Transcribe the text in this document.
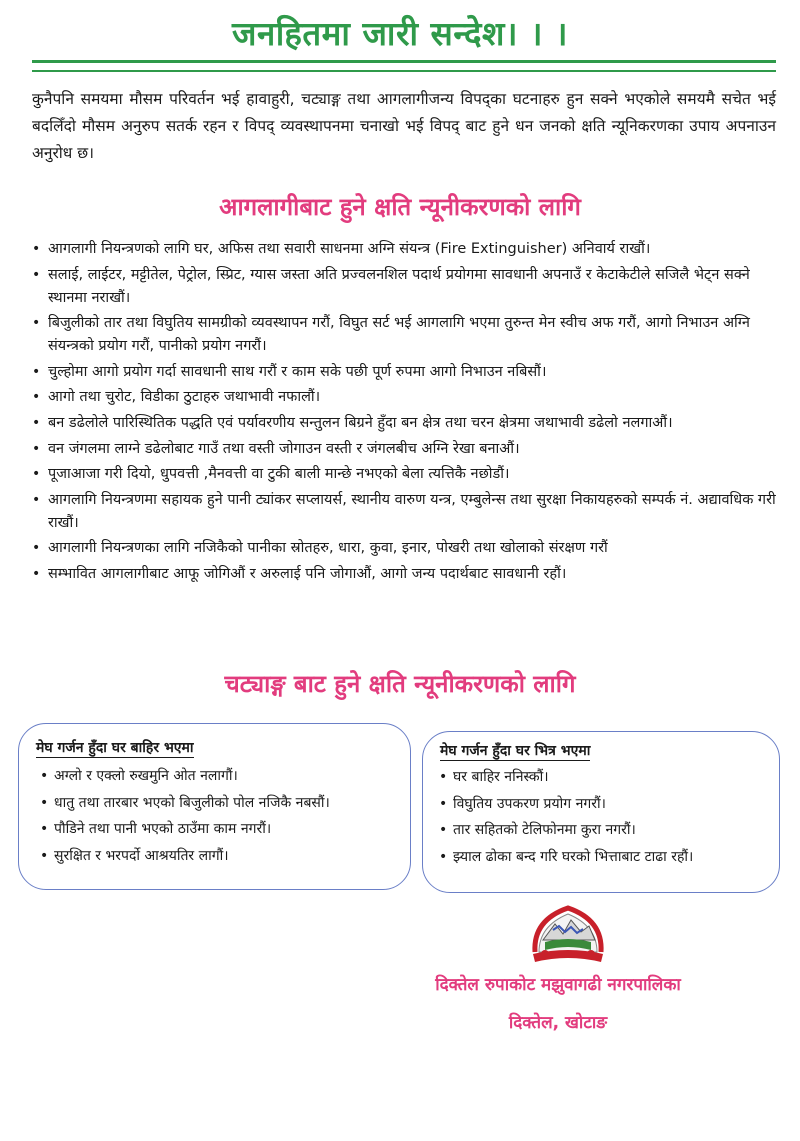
जनहितमा जारी सन्देश। । ।
कुनैपनि समयमा मौसम परिवर्तन भई हावाहुरी, चट्याङ्ग तथा आगलागीजन्य विपद्का घटनाहरु हुन सक्ने भएकोले समयमै सचेत भई बदलिँदो मौसम अनुरुप सतर्क रहन र विपद् व्यवस्थापनमा चनाखो भई विपद् बाट हुने धन जनको क्षति न्यूनिकरणका उपाय अपनाउन अनुरोध छ।
आगलागीबाट हुने क्षति न्यूनीकरणको लागि
• आगलागी नियन्त्रणको लागि घर, अफिस तथा सवारी साधनमा अग्नि संयन्त्र (Fire Extinguisher) अनिवार्य राखौं।
• सलाई, लाईटर, मट्टीतेल, पेट्रोल, स्प्रिट, ग्यास जस्ता अति प्रज्वलनशिल पदार्थ प्रयोगमा सावधानी अपनाउँ र केटाकेटीले सजिलै भेट्न सक्ने स्थानमा नराखौं।
• बिजुलीको तार तथा विघुतिय सामग्रीको व्यवस्थापन गरौं, विघुत सर्ट भई आगलागि भएमा तुरुन्त मेन स्वीच अफ गरौं, आगो निभाउन अग्नि संयन्त्रको प्रयोग गरौं, पानीको प्रयोग नगरौं।
• चुल्होमा आगो प्रयोग गर्दा सावधानी साथ गरौं र काम सके पछी पूर्ण रुपमा आगो निभाउन नबिसौं।
• आगो तथा चुरोट, विडीका ठुटाहरु जथाभावी नफालौं।
• बन डढेलोले पारिस्थितिक पद्धति एवं पर्यावरणीय सन्तुलन बिग्रने हुँदा बन क्षेत्र तथा चरन क्षेत्रमा जथाभावी डढेलो नलगाऔं।
• वन जंगलमा लाग्ने डढेलोबाट गाउँ तथा वस्ती जोगाउन वस्ती र जंगलबीच अग्नि रेखा बनाऔं।
• पूजाआजा गरी दियो, धुपवत्ती ,मैनवत्ती वा टुकी बाली मान्छे नभएको बेला त्यत्तिकै नछोडौं।
• आगलागि नियन्त्रणमा सहायक हुने पानी ट्यांकर सप्लायर्स, स्थानीय वारुण यन्त्र, एम्बुलेन्स तथा सुरक्षा निकायहरुको सम्पर्क नं. अद्यावधिक गरी राखौं।
• आगलागी नियन्त्रणका लागि नजिकैको पानीका स्रोतहरु, धारा, कुवा, इनार, पोखरी तथा खोलाको संरक्षण गरौं
• सम्भावित आगलागीबाट आफू जोगिऔं र अरुलाई पनि जोगाऔं, आगो जन्य पदार्थबाट सावधानी रहौं।
चट्याङ्ग बाट हुने क्षति न्यूनीकरणको लागि
मेघ गर्जन हुँदा घर बाहिर भएमा
• अग्लो र एक्लो रुखमुनि ओत नलागौं।
• धातु तथा तारबार भएको बिजुलीको पोल नजिकै नबसौं।
• पौडिने तथा पानी भएको ठाउँमा काम नगरौं।
• सुरक्षित र भरपर्दो आश्रयतिर लागौं।
मेघ गर्जन हुँदा घर भित्र भएमा
• घर बाहिर ननिस्कौं।
• विघुतिय उपकरण प्रयोग नगरौं।
• तार सहितको टेलिफोनमा कुरा नगरौं।
• झ्याल ढोका बन्द गरि घरको भित्ताबाट टाढा रहौं।
दिक्तेल रुपाकोट मझुवागढी नगरपालिका
दिक्तेल, खोटाङ
